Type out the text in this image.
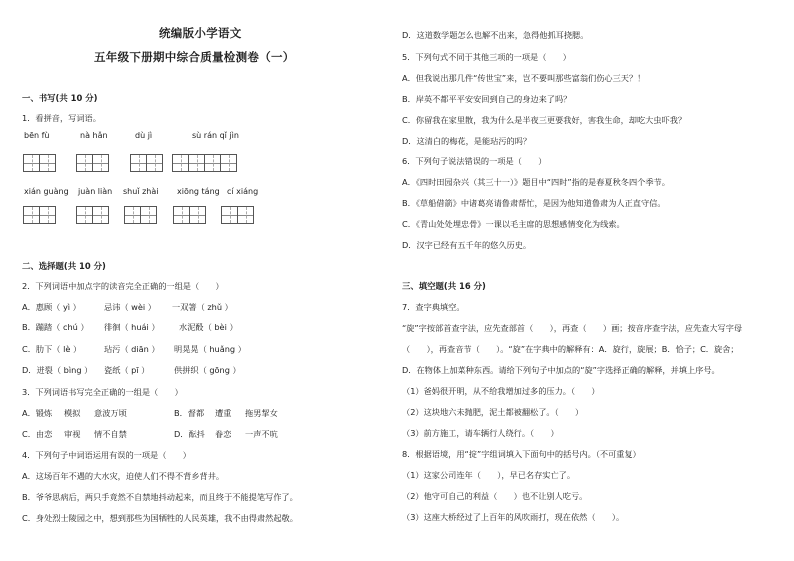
统编版小学语文
五年级下册期中综合质量检测卷（一）
一、书写(共 10 分)
1．看拼音，写词语。
bēn fù	nà hǎn	dù jì	sù rán qǐ jìn
xián guàng juàn liàn shuǐ zhài xiōng táng cí xiáng
二、选择题(共 10 分)
2．下列词语中加点字的读音完全正确的一组是（　　）
A．惠顾（ yì ）	忌讳（ wèi ） 一双箸（ zhǔ ）
B．蹦踏（ chú ） 徘徊（ huái ） 水泥酘（ bèi ）
C．肋下（ lè ）	玷污（ diān ） 明晃晃（ huǎng ）
D．迸裂（ bìng ） 瓷纸（ pī ）	供拼织（ gōng ）
3．下列词语书写完全正确的一组是（　　）
A．锻炼 模拟 意波万顷	B．督都 遭重 拖男挈女
C．由恋 审视 情不自禁	D．酝抖 眷恋 一声不吭
4．下列句子中词语运用有误的一项是（　　）
A．这场百年不遇的大水灾，迫使人们不得不背乡背井。
B．爷爷思病后，两只手竟然不自禁地抖动起来，而且终于不能提笔写作了。
C．身处烈士陵园之中，想到那些为国牺牲的人民英雄，我不由得肃然起敬。
D．这道数学题怎么也解不出来，急得他抓耳挠腮。
5．下列句式不同于其他三项的一项是（　　）
A．但我说出那几件“传世宝”来，岂不要叫那些富翁们伤心三天？！
B．岸英不都平平安安回到自己的身边来了吗？
C．你留我在家里散，我为什么是半夜三更要我好，害我生命，却吃大虫吓我？
D．这清白的梅花，是能玷污的吗？
6．下列句子说法错误的一项是（　　）
A．《四时田园杂兴（其三十一）》题目中“四时”指的是春夏秋冬四个季节。
B．《草船借箭》中诸葛亮请鲁肃帮忙，是因为他知道鲁肃为人正直守信。
C．《青山处处埋忠骨》一课以毛主席的思想感情变化为线索。
D．汉字已经有五千年的悠久历史。
三、填空题(共 16 分)
7．查字典填空。
“旋”字按部首查字法，应先查部首（　　），再查（　　）画；按音序查字法，应先查大写字母
（　　），再查音节（　　）。“旋”在字典中的解释有：A．旋行，旋展；B．恰子；C．旋舍；
D．在物体上加菜种东西。请给下列句子中加点的“旋”字选择正确的解释，并填上序号。
（1）爸妈很开明，从不给我增加过多的压力。（　　）
（2）这块地六未抛肥，泥土都被翻松了。（　　）
（3）前方施工，请车辆行人绕行。（　　）
8．根据语境，用“掟”字组词填入下面句中的括号内。（不可重复）
（1）这家公司连年（　　），早已名存实亡了。
（2）他守可自己的利益（　　）也不让别人吃亏。
（3）这座大桥经过了上百年的风吹雨打，现在依然（　　）。
